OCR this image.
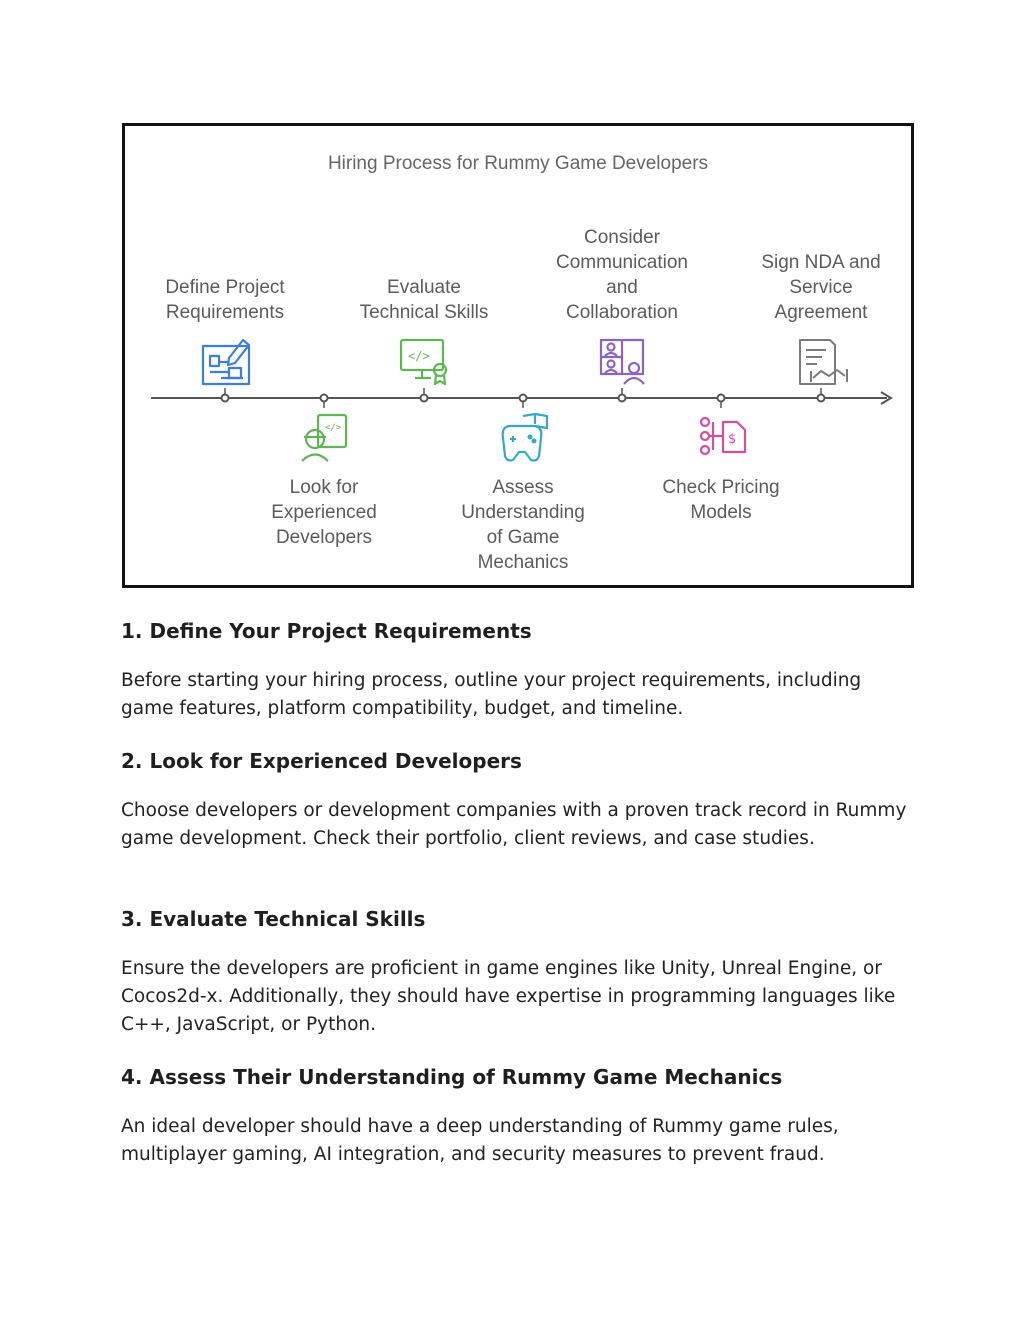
Hiring Process for Rummy Game Developers
</>
</>
$
Define Project
Requirements
Look for
Experienced
Developers
Evaluate
Technical Skills
Assess
Understanding
of Game
Mechanics
Consider
Communication
and
Collaboration
Check Pricing
Models
Sign NDA and
Service
Agreement
1. Define Your Project Requirements

Before starting your hiring process, outline your project requirements, including game features, platform compatibility, budget, and timeline.

2. Look for Experienced Developers

Choose developers or development companies with a proven track record in Rummy game development. Check their portfolio, client reviews, and case studies.

3. Evaluate Technical Skills

Ensure the developers are proficient in game engines like Unity, Unreal Engine, or Cocos2d-x. Additionally, they should have expertise in programming languages like C++, JavaScript, or Python.

4. Assess Their Understanding of Rummy Game Mechanics

An ideal developer should have a deep understanding of Rummy game rules, multiplayer gaming, AI integration, and security measures to prevent fraud.
